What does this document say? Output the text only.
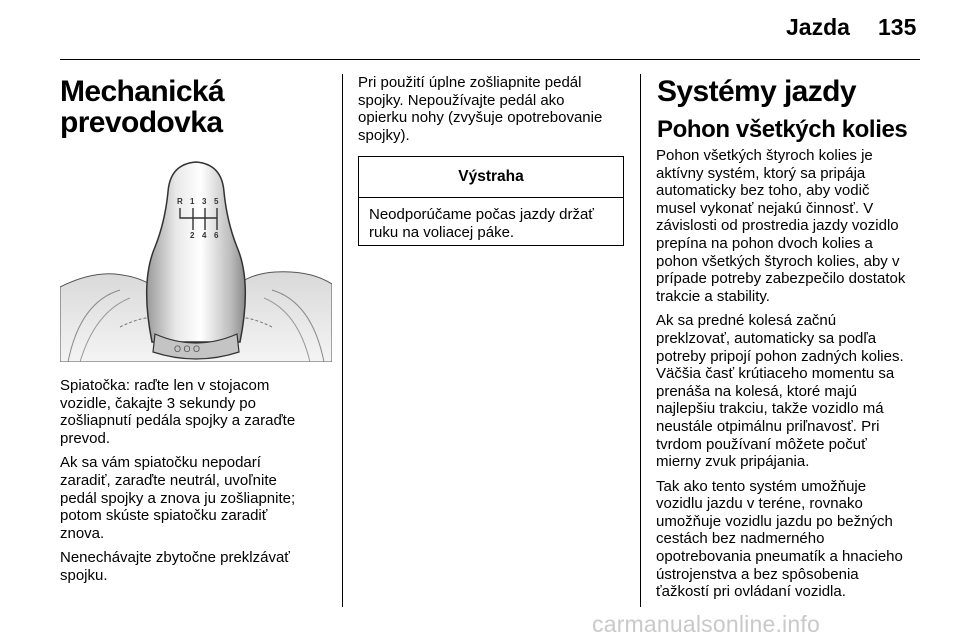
Jazda 135
Mechanická
prevodovka
O O O
R 1 3 5
2 4 6

Spiatočka: raďte len v stojacom
vozidle, čakajte 3 sekundy po
zošliapnutí pedála spojky a zaraďte
prevod.

Ak sa vám spiatočku nepodarí
zaradiť, zaraďte neutrál, uvoľnite
pedál spojky a znova ju zošliapnite;
potom skúste spiatočku zaradiť
znova.

Nenechávajte zbytočne preklzávať
spojku.

Pri použití úplne zošliapnite pedál
spojky. Nepoužívajte pedál ako
opierku nohy (zvyšuje opotrebovanie
spojky).

Výstraha
Neodporúčame počas jazdy držať
ruku na voliacej páke.
Systémy jazdy
Pohon všetkých kolies

Pohon všetkých štyroch kolies je
aktívny systém, ktorý sa pripája
automaticky bez toho, aby vodič
musel vykonať nejakú činnosť. V
závislosti od prostredia jazdy vozidlo
prepína na pohon dvoch kolies a
pohon všetkých štyroch kolies, aby v
prípade potreby zabezpečilo dostatok
trakcie a stability.

Ak sa predné kolesá začnú
preklzovať, automaticky sa podľa
potreby pripojí pohon zadných kolies.
Väčšia časť krútiaceho momentu sa
prenáša na kolesá, ktoré majú
najlepšiu trakciu, takže vozidlo má
neustále otpimálnu priľnavosť. Pri
tvrdom používaní môžete počuť
mierny zvuk pripájania.

Tak ako tento systém umožňuje
vozidlu jazdu v teréne, rovnako
umožňuje vozidlu jazdu po bežných
cestách bez nadmerného
opotrebovania pneumatík a hnacieho
ústrojenstva a bez spôsobenia
ťažkostí pri ovládaní vozidla.

carmanualsonline.info
